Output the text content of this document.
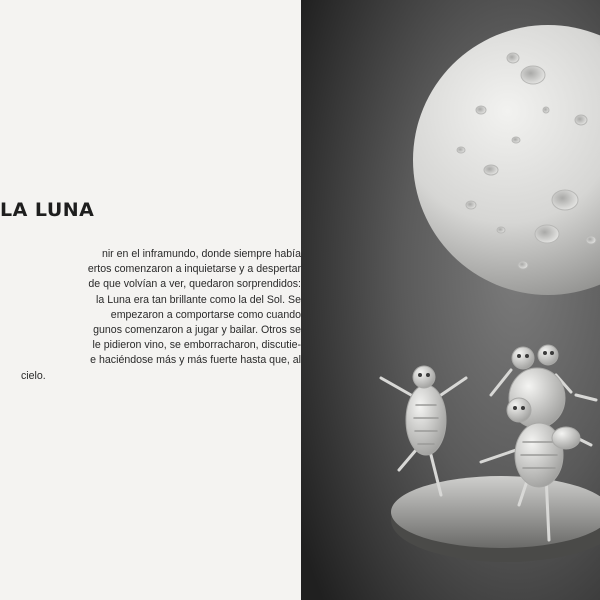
LA LUNA
nir en el inframundo, donde siempre había
ertos comenzaron a inquietarse y a despertar
de que volvían a ver, quedaron sorprendidos:
la Luna era tan brillante como la del Sol. Se
empezaron a comportarse como cuando
gunos comenzaron a jugar y bailar. Otros se
le pidieron vino, se emborracharon, discutie-
e haciéndose más y más fuerte hasta que, al
cielo.
